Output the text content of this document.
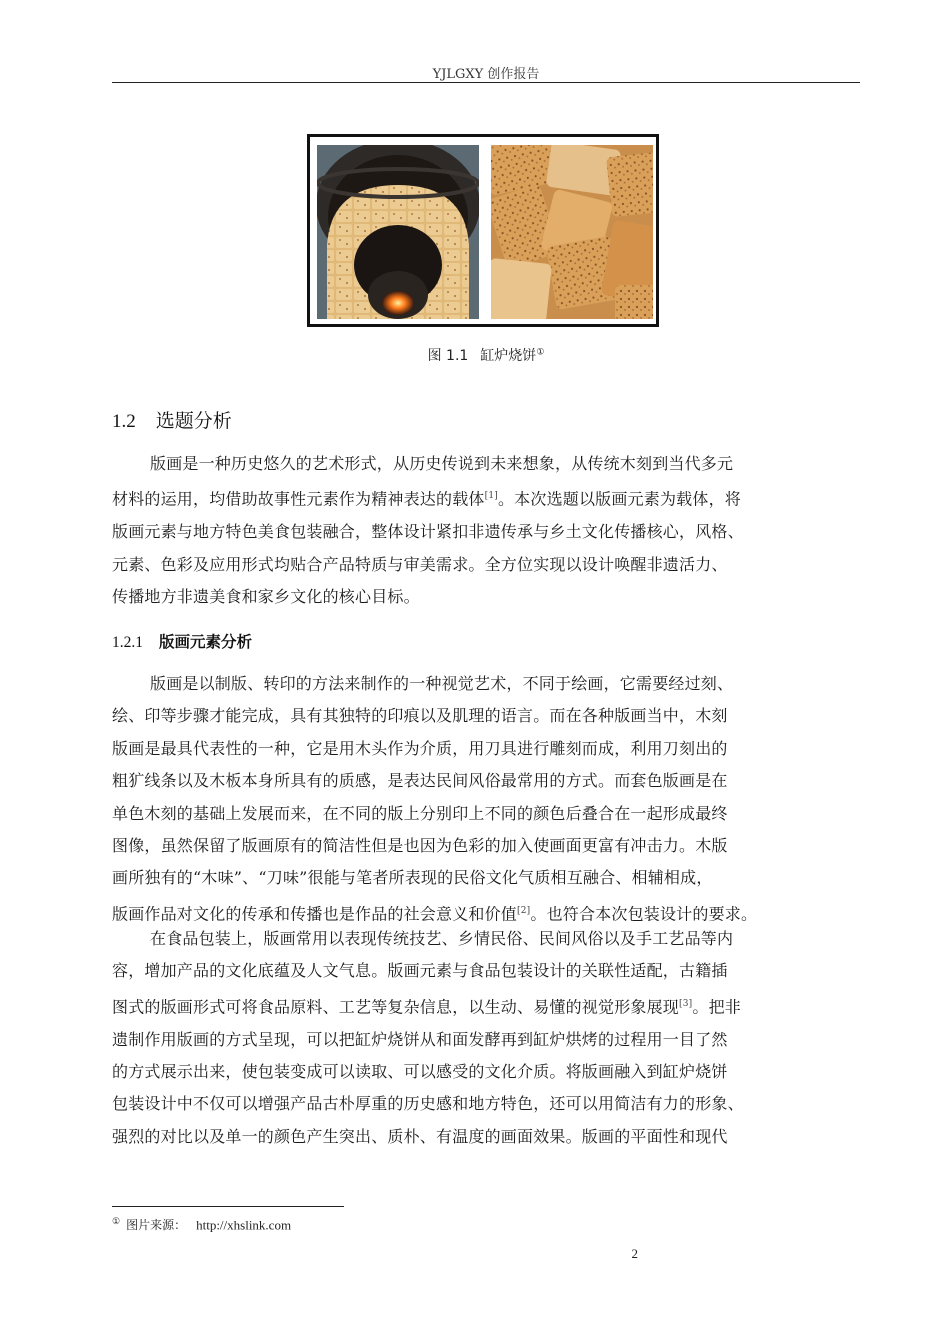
YJLGXY 创作报告
图 1.1 缸炉烧饼①
1.2 选题分析
版画是一种历史悠久的艺术形式，从历史传说到未来想象，从传统木刻到当代多元
材料的运用，均借助故事性元素作为精神表达的载体[1]。本次选题以版画元素为载体，将
版画元素与地方特色美食包装融合，整体设计紧扣非遗传承与乡土文化传播核心，风格、
元素、色彩及应用形式均贴合产品特质与审美需求。全方位实现以设计唤醒非遗活力、
传播地方非遗美食和家乡文化的核心目标。
1.2.1 版画元素分析
版画是以制版、转印的方法来制作的一种视觉艺术，不同于绘画，它需要经过刻、
绘、印等步骤才能完成，具有其独特的印痕以及肌理的语言。而在各种版画当中，木刻
版画是最具代表性的一种，它是用木头作为介质，用刀具进行雕刻而成，利用刀刻出的
粗犷线条以及木板本身所具有的质感，是表达民间风俗最常用的方式。而套色版画是在
单色木刻的基础上发展而来，在不同的版上分别印上不同的颜色后叠合在一起形成最终
图像，虽然保留了版画原有的简洁性但是也因为色彩的加入使画面更富有冲击力。木版
画所独有的“木味”、“刀味”很能与笔者所表现的民俗文化气质相互融合、相辅相成，
版画作品对文化的传承和传播也是作品的社会意义和价值[2]。也符合本次包装设计的要求。
在食品包装上，版画常用以表现传统技艺、乡情民俗、民间风俗以及手工艺品等内
容，增加产品的文化底蕴及人文气息。版画元素与食品包装设计的关联性适配，古籍插
图式的版画形式可将食品原料、工艺等复杂信息，以生动、易懂的视觉形象展现[3]。把非
遗制作用版画的方式呈现，可以把缸炉烧饼从和面发酵再到缸炉烘烤的过程用一目了然
的方式展示出来，使包装变成可以读取、可以感受的文化介质。将版画融入到缸炉烧饼
包装设计中不仅可以增强产品古朴厚重的历史感和地方特色，还可以用简洁有力的形象、
强烈的对比以及单一的颜色产生突出、质朴、有温度的画面效果。版画的平面性和现代
① 图片来源： http://xhslink.com
2
